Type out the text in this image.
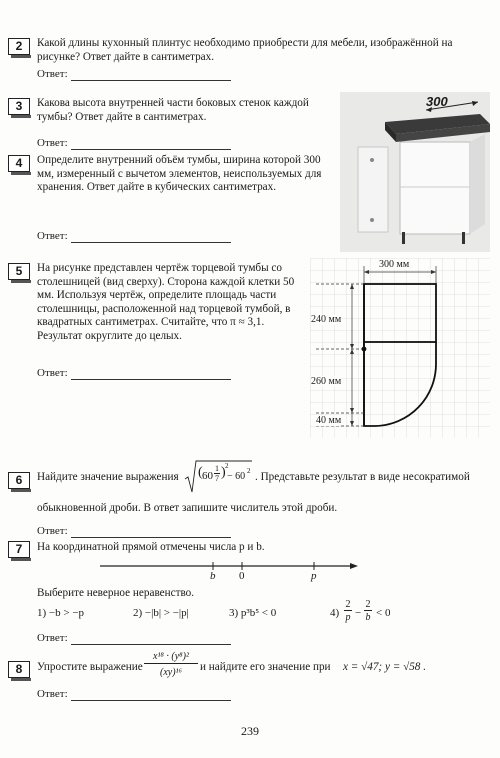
2	Какой длины кухонный плинтус необходимо приобрести для мебели, изображённой на рисунке? Ответ дайте в сантиметрах.
Ответ:
3	Какова высота внутренней части боковых стенок каждой тумбы? Ответ дайте в сантиметрах.
Ответ:
4	Определите внутренний объём тумбы, ширина которой 300 мм, измеренный с вычетом элементов, неиспользуемых для хранения. Ответ дайте в кубических сантиметрах.
Ответ:
300
5	На рисунке представлен чертёж торцевой тумбы со столешницей (вид сверху). Сторона каждой клетки 50 мм. Используя чертёж, определите площадь части столешницы, расположенной над торцевой тумбой, в квадратных сантиметрах. Считайте, что π ≈ 3,1. Результат округлите до целых.
Ответ:
300 мм
240 мм
260 мм
40 мм
6	Найдите значение выражения ( 60
1
7 ) 2
− 60 2 . Представьте результат в виде несократимой
обыкновенной дроби. В ответ запишите числитель этой дроби.
Ответ:
7	На координатной прямой отмечены числа p и b.
b 0	p
Выберите неверное неравенство.
1) −b > −p	2) −|b| > −|p|	3) p³b⁵ < 0	4)
2
p −
2
b < 0
Ответ:
8	Упростите выражение
x¹⁸ · (y⁸)²
(xy)¹⁶	и найдите его значение при x = √47; y = √58 .
Ответ:
239
